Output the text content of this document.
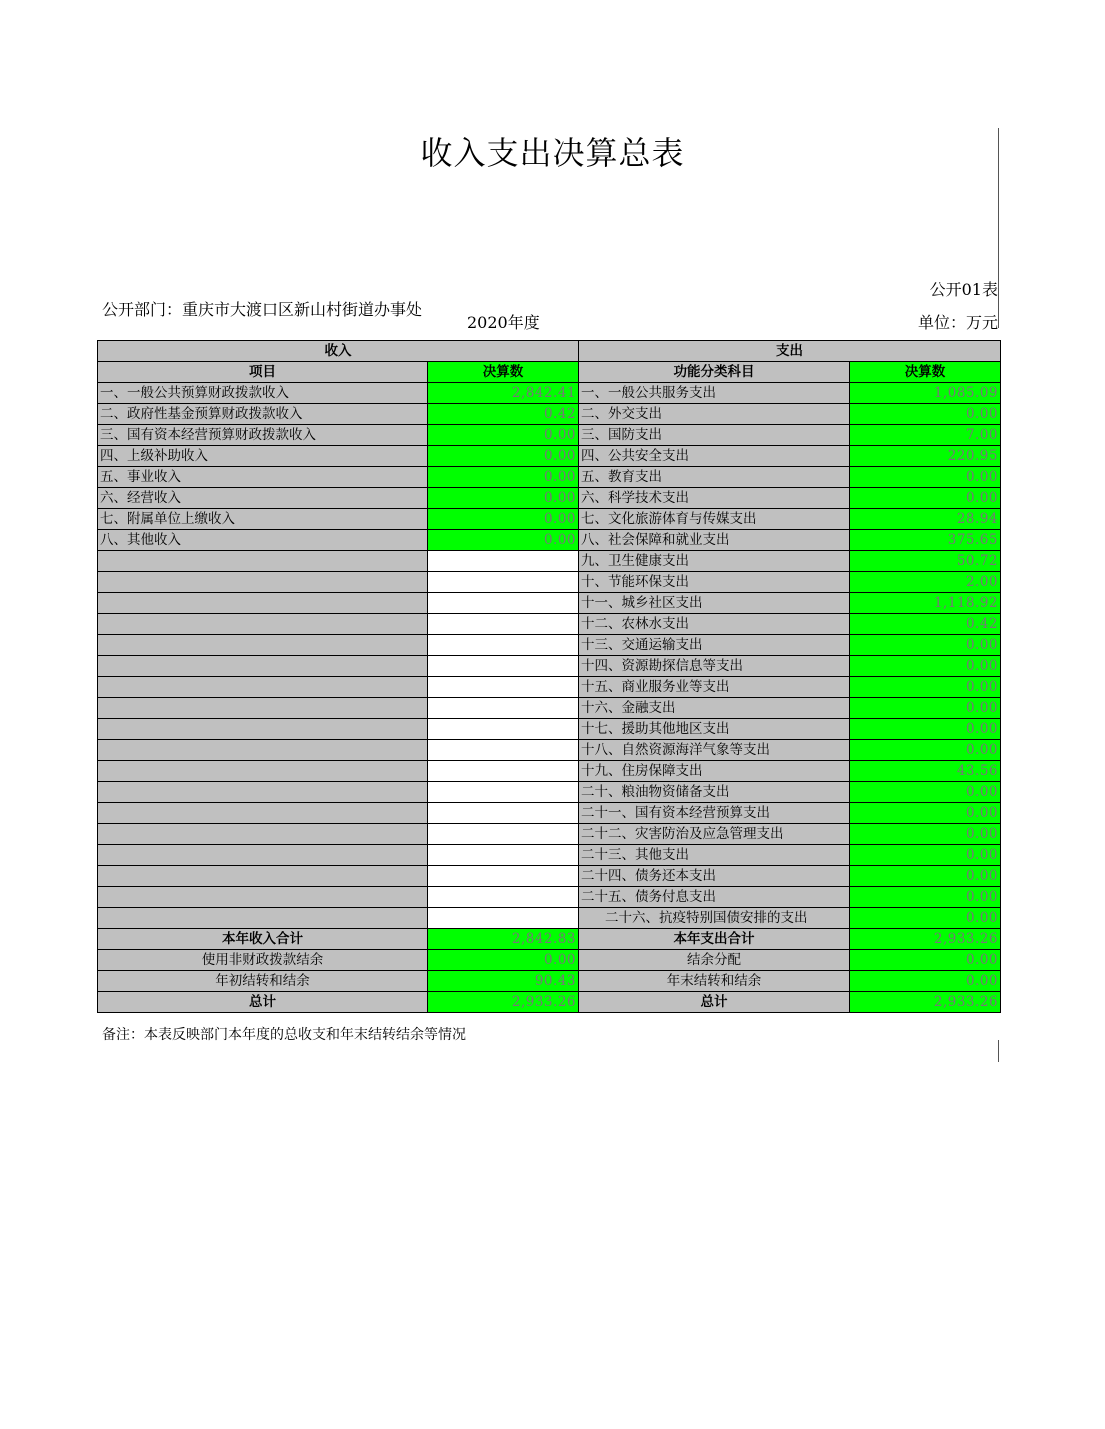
收入支出决算总表
公开01表
公开部门：重庆市大渡口区新山村街道办事处
2020年度	单位：万元
收入		支出	
项目	决算数	功能分类科目	决算数
一、一般公共预算财政拨款收入	2,842.41	一、一般公共服务支出	1,085.09
二、政府性基金预算财政拨款收入	0.42	二、外交支出	0.00
三、国有资本经营预算财政拨款收入	0.00	三、国防支出	7.00
四、上级补助收入	0.00	四、公共安全支出	220.95
五、事业收入	0.00	五、教育支出	0.00
六、经营收入	0.00	六、科学技术支出	0.00
七、附属单位上缴收入	0.00	七、文化旅游体育与传媒支出	28.94
八、其他收入	0.00	八、社会保障和就业支出	375.65
		九、卫生健康支出	50.72
		十、节能环保支出	2.00
		十一、城乡社区支出	1,118.92
		十二、农林水支出	0.42
		十三、交通运输支出	0.00
		十四、资源勘探信息等支出	0.00
		十五、商业服务业等支出	0.00
		十六、金融支出	0.00
		十七、援助其他地区支出	0.00
		十八、自然资源海洋气象等支出	0.00
		十九、住房保障支出	43.56
		二十、粮油物资储备支出	0.00
		二十一、国有资本经营预算支出	0.00
		二十二、灾害防治及应急管理支出	0.00
		二十三、其他支出	0.00
		二十四、债务还本支出	0.00
		二十五、债务付息支出	0.00
		二十六、抗疫特别国债安排的支出	0.00
本年收入合计	2,842.83	本年支出合计	2,933.26
使用非财政拨款结余	0.00	结余分配	0.00
年初结转和结余	90.43	年末结转和结余	0.00
总计	2,933.26	总计	2,933.26
备注：本表反映部门本年度的总收支和年末结转结余等情况
